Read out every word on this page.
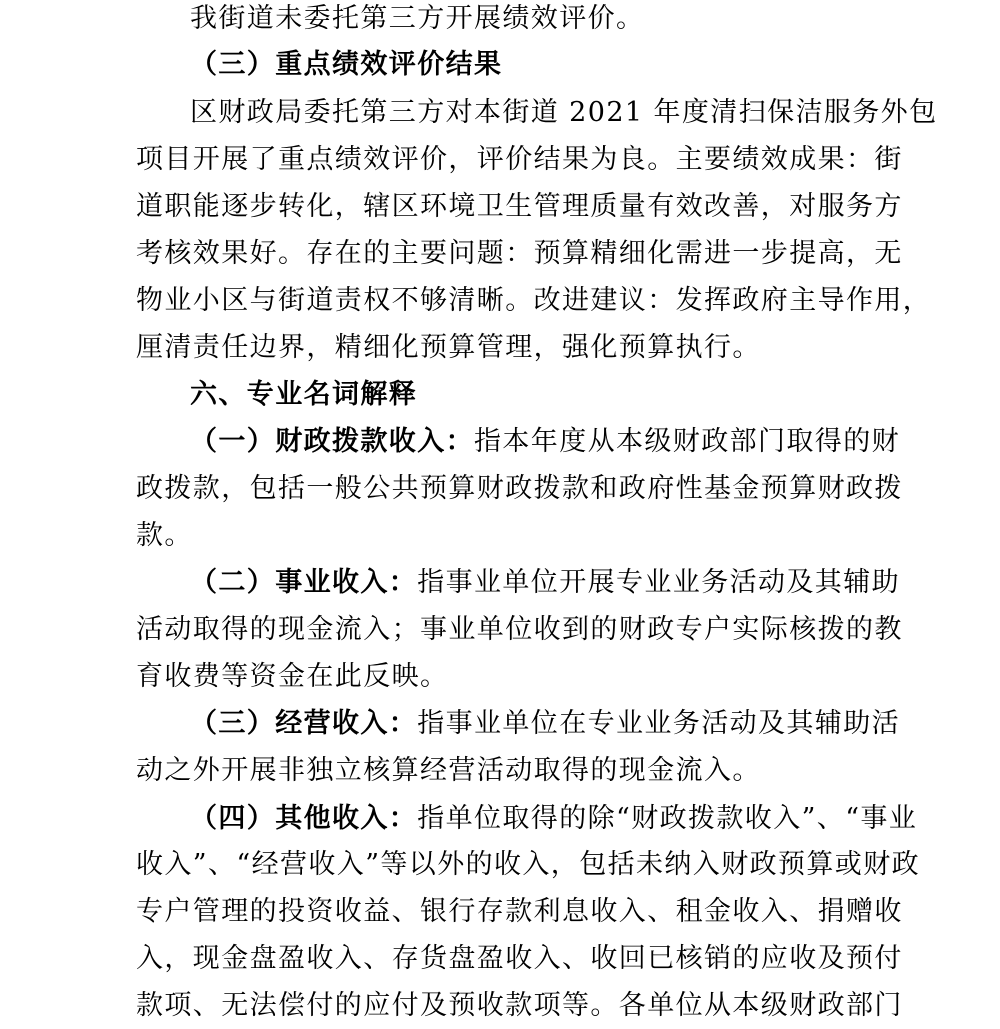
我街道未委托第三方开展绩效评价。
（三）重点绩效评价结果
区财政局委托第三方对本街道 2021 年度清扫保洁服务外包
项目开展了重点绩效评价，评价结果为良。主要绩效成果：街
道职能逐步转化，辖区环境卫生管理质量有效改善，对服务方
考核效果好。存在的主要问题：预算精细化需进一步提高，无
物业小区与街道责权不够清晰。改进建议：发挥政府主导作用，
厘清责任边界，精细化预算管理，强化预算执行。
六、专业名词解释
（一）财政拨款收入：指本年度从本级财政部门取得的财
政拨款，包括一般公共预算财政拨款和政府性基金预算财政拨
款。
（二）事业收入：指事业单位开展专业业务活动及其辅助
活动取得的现金流入；事业单位收到的财政专户实际核拨的教
育收费等资金在此反映。
（三）经营收入：指事业单位在专业业务活动及其辅助活
动之外开展非独立核算经营活动取得的现金流入。
（四）其他收入：指单位取得的除“财政拨款收入”、“事业
收入”、“经营收入”等以外的收入，包括未纳入财政预算或财政
专户管理的投资收益、银行存款利息收入、租金收入、捐赠收
入，现金盘盈收入、存货盘盈收入、收回已核销的应收及预付
款项、无法偿付的应付及预收款项等。各单位从本级财政部门
